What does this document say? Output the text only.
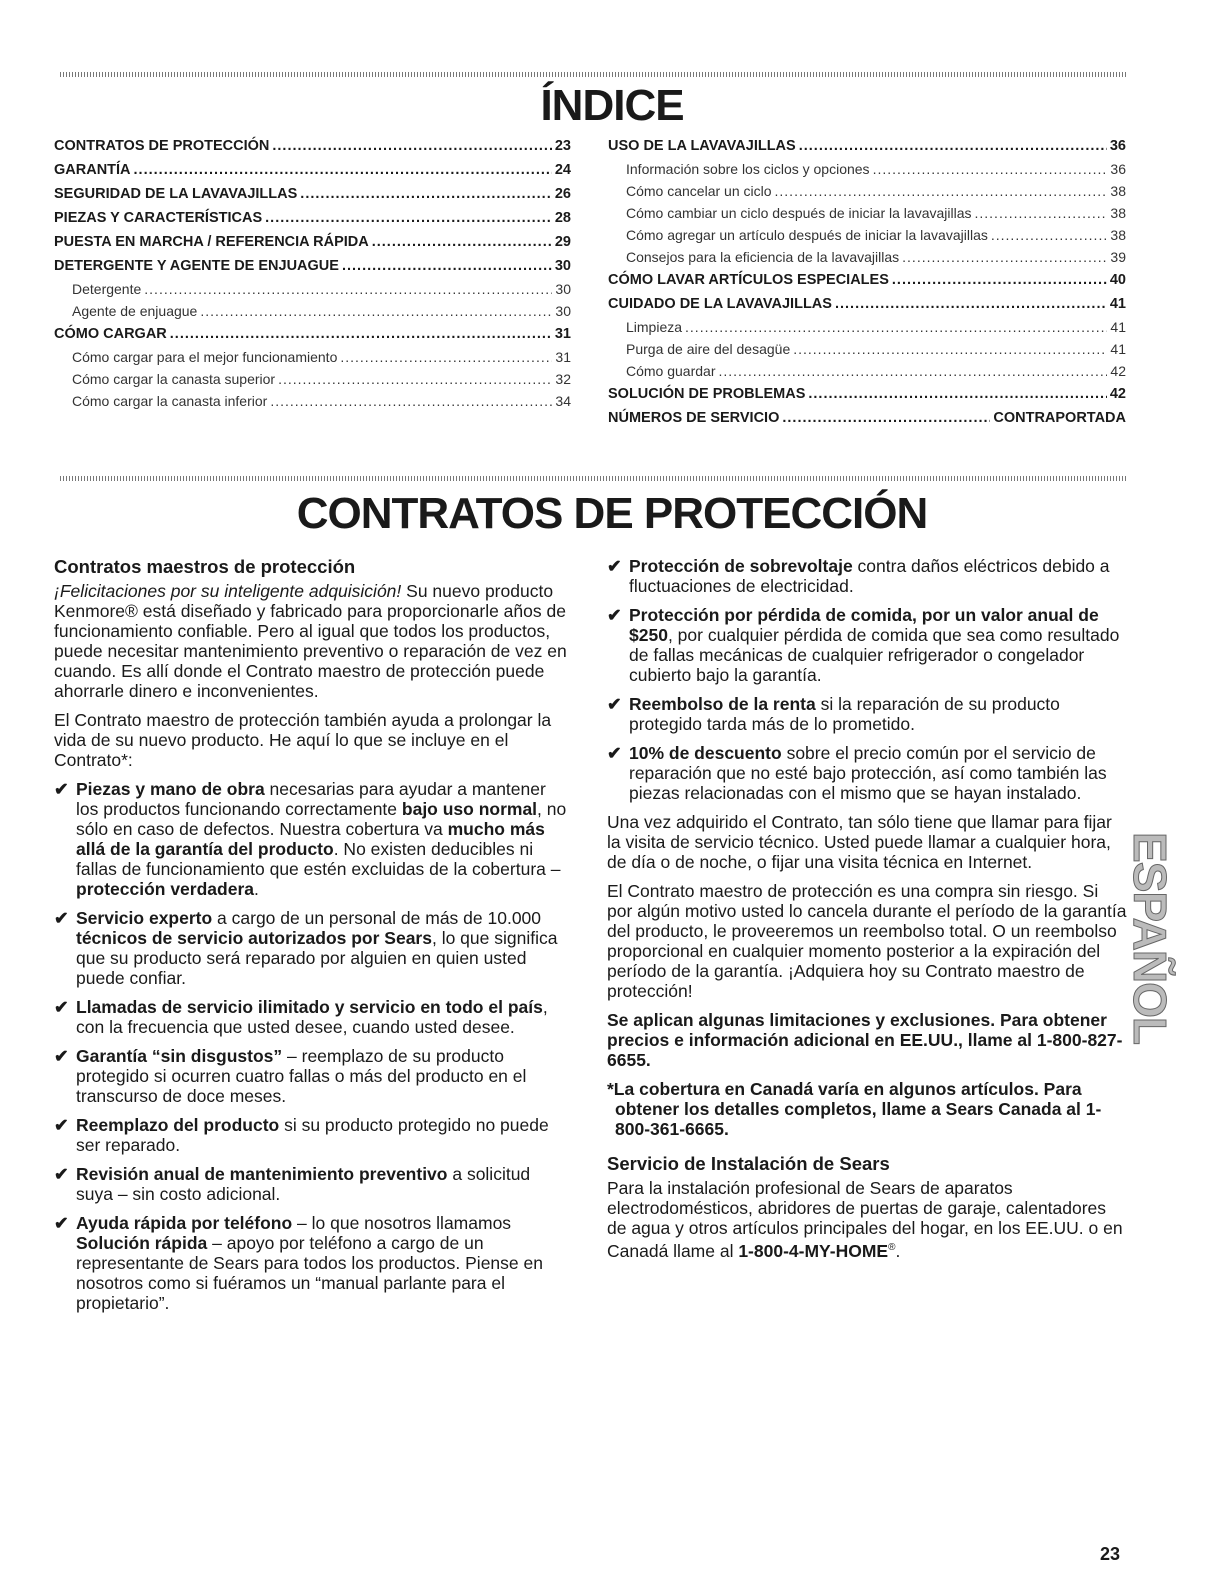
ÍNDICE
CONTRATOS DE PROTECCIÓN .....	23
GARANTÍA .....	24
SEGURIDAD DE LA LAVAVAJILLAS .....	26
PIEZAS Y CARACTERÍSTICAS .....	28
PUESTA EN MARCHA / REFERENCIA RÁPIDA .....	29
DETERGENTE Y AGENTE DE ENJUAGUE .....	30
Detergente .....	30
Agente de enjuague .....	30
CÓMO CARGAR .....	31
Cómo cargar para el mejor funcionamiento .....	31
Cómo cargar la canasta superior .....	32
Cómo cargar la canasta inferior .....	34
USO DE LA LAVAVAJILLAS .....	36
Información sobre los ciclos y opciones .....	36
Cómo cancelar un ciclo .....	38
Cómo cambiar un ciclo después de iniciar la lavavajillas .....	38
Cómo agregar un artículo después de iniciar la lavavajillas .....	38
Consejos para la eficiencia de la lavavajillas .....	39
CÓMO LAVAR ARTÍCULOS ESPECIALES .....	40
CUIDADO DE LA LAVAVAJILLAS .....	41
Limpieza .....	41
Purga de aire del desagüe .....	41
Cómo guardar .....	42
SOLUCIÓN DE PROBLEMAS .....	42
NÚMEROS DE SERVICIO .....	CONTRAPORTADA
CONTRATOS DE PROTECCIÓN
Contratos maestros de protección

¡Felicitaciones por su inteligente adquisición! Su nuevo producto Kenmore® está diseñado y fabricado para proporcionarle años de funcionamiento confiable. Pero al igual que todos los productos, puede necesitar mantenimiento preventivo o reparación de vez en cuando. Es allí donde el Contrato maestro de protección puede ahorrarle dinero e inconvenientes.

El Contrato maestro de protección también ayuda a prolongar la vida de su nuevo producto. He aquí lo que se incluye en el Contrato*:

✔ Piezas y mano de obra necesarias para ayudar a mantener los productos funcionando correctamente bajo uso normal, no sólo en caso de defectos. Nuestra cobertura va mucho más allá de la garantía del producto. No existen deducibles ni fallas de funcionamiento que estén excluidas de la cobertura – protección verdadera.
✔ Servicio experto a cargo de un personal de más de 10.000 técnicos de servicio autorizados por Sears, lo que significa que su producto será reparado por alguien en quien usted puede confiar.
✔ Llamadas de servicio ilimitado y servicio en todo el país, con la frecuencia que usted desee, cuando usted desee.
✔ Garantía “sin disgustos” – reemplazo de su producto protegido si ocurren cuatro fallas o más del producto en el transcurso de doce meses.
✔ Reemplazo del producto si su producto protegido no puede ser reparado.
✔ Revisión anual de mantenimiento preventivo a solicitud suya – sin costo adicional.
✔ Ayuda rápida por teléfono – lo que nosotros llamamos Solución rápida – apoyo por teléfono a cargo de un representante de Sears para todos los productos. Piense en nosotros como si fuéramos un “manual parlante para el propietario”.
✔ Protección de sobrevoltaje contra daños eléctricos debido a fluctuaciones de electricidad.
✔ Protección por pérdida de comida, por un valor anual de $250, por cualquier pérdida de comida que sea como resultado de fallas mecánicas de cualquier refrigerador o congelador cubierto bajo la garantía.
✔ Reembolso de la renta si la reparación de su producto protegido tarda más de lo prometido.
✔ 10% de descuento sobre el precio común por el servicio de reparación que no esté bajo protección, así como también las piezas relacionadas con el mismo que se hayan instalado.

Una vez adquirido el Contrato, tan sólo tiene que llamar para fijar la visita de servicio técnico. Usted puede llamar a cualquier hora, de día o de noche, o fijar una visita técnica en Internet.

El Contrato maestro de protección es una compra sin riesgo. Si por algún motivo usted lo cancela durante el período de la garantía del producto, le proveeremos un reembolso total. O un reembolso proporcional en cualquier momento posterior a la expiración del período de la garantía. ¡Adquiera hoy su Contrato maestro de protección!

Se aplican algunas limitaciones y exclusiones. Para obtener precios e información adicional en EE.UU., llame al 1-800-827-6655.

*La cobertura en Canadá varía en algunos artículos. Para obtener los detalles completos, llame a Sears Canada al 1-800-361-6665.

Servicio de Instalación de Sears

Para la instalación profesional de Sears de aparatos electrodomésticos, abridores de puertas de garaje, calentadores de agua y otros artículos principales del hogar, en los EE.UU. o en Canadá llame al 1-800-4-MY-HOME®.

ESPAÑOL
23
